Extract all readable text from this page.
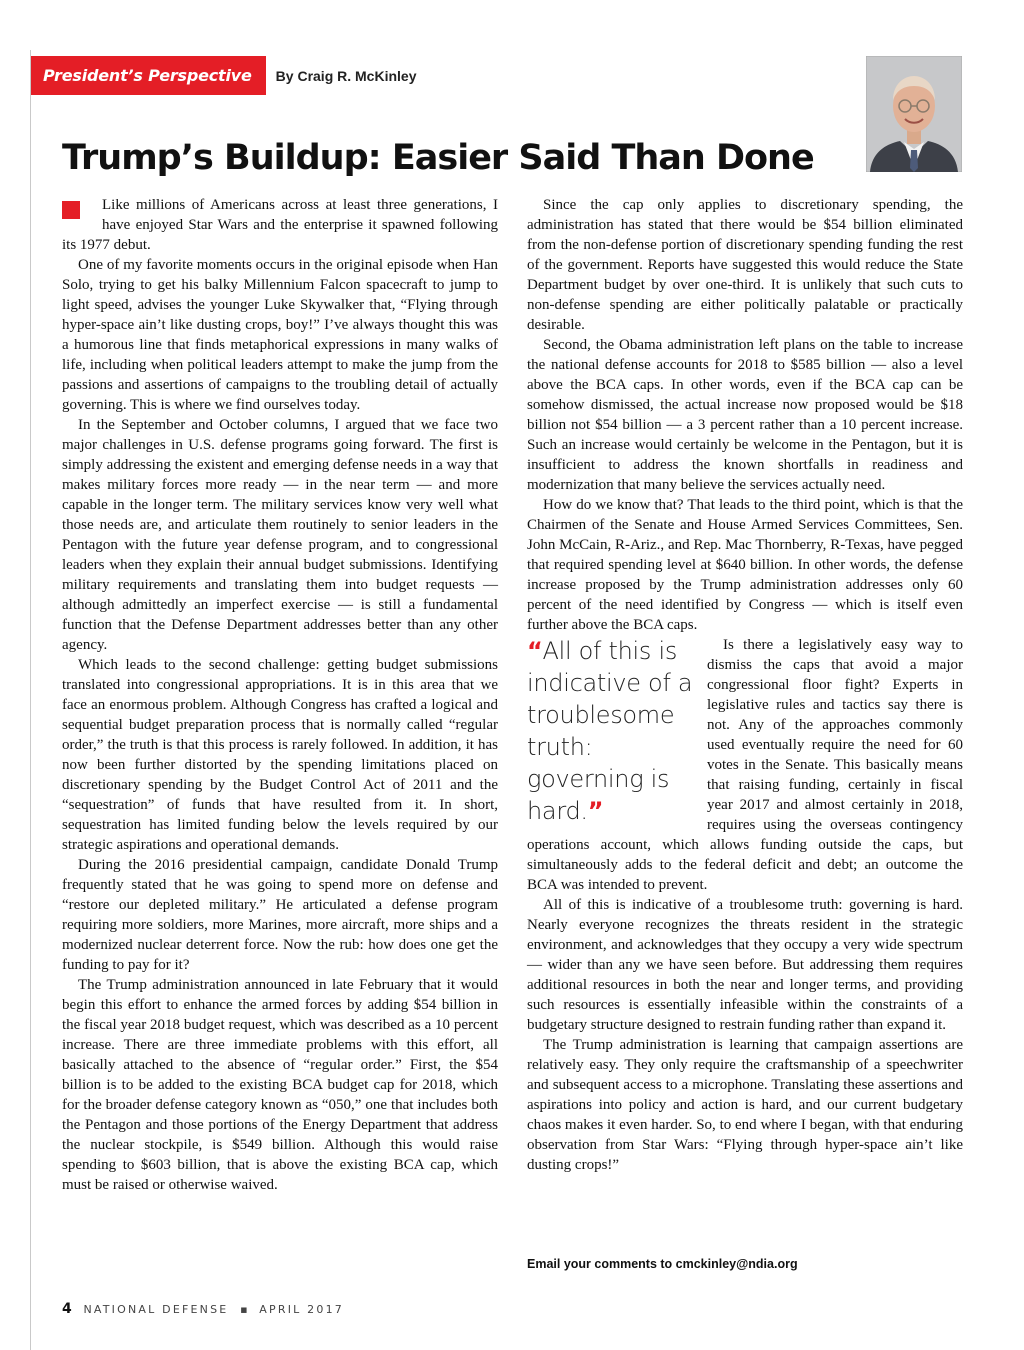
President’s Perspective	By Craig R. McKinley
Trump’s Buildup: Easier Said Than Done

Like millions of Americans across at least three generations, I have enjoyed Star Wars and the enterprise it spawned following its 1977 debut.

One of my favorite moments occurs in the original episode when Han Solo, trying to get his balky Millennium Falcon spacecraft to jump to light speed, advises the younger Luke Skywalker that, “Flying through hyper-space ain’t like dusting crops, boy!” I’ve always thought this was a humorous line that finds metaphorical expressions in many walks of life, including when political leaders attempt to make the jump from the passions and assertions of campaigns to the troubling detail of actually governing. This is where we find ourselves today.

In the September and October columns, I argued that we face two major challenges in U.S. defense programs going forward. The first is simply addressing the existent and emerging defense needs in a way that makes military forces more ready — in the near term — and more capable in the longer term. The military services know very well what those needs are, and articulate them routinely to senior leaders in the Pentagon with the future year defense program, and to congressional leaders when they explain their annual budget submissions. Identifying military requirements and translating them into budget requests — although admittedly an imperfect exercise — is still a fundamental function that the Defense Department addresses better than any other agency.

Which leads to the second challenge: getting budget submissions translated into congressional appropriations. It is in this area that we face an enormous problem. Although Congress has crafted a logical and sequential budget preparation process that is normally called “regular order,” the truth is that this process is rarely followed. In addition, it has now been further distorted by the spending limitations placed on discretionary spending by the Budget Control Act of 2011 and the “sequestration” of funds that have resulted from it. In short, sequestration has limited funding below the levels required by our strategic aspirations and operational demands.

During the 2016 presidential campaign, candidate Donald Trump frequently stated that he was going to spend more on defense and “restore our depleted military.” He articulated a defense program requiring more soldiers, more Marines, more aircraft, more ships and a modernized nuclear deterrent force. Now the rub: how does one get the funding to pay for it?

The Trump administration announced in late February that it would begin this effort to enhance the armed forces by adding $54 billion in the fiscal year 2018 budget request, which was described as a 10 percent increase. There are three immediate problems with this effort, all basically attached to the absence of “regular order.” First, the $54 billion is to be added to the existing BCA budget cap for 2018, which for the broader defense category known as “050,” one that includes both the Pentagon and those portions of the Energy Department that address the nuclear stockpile, is $549 billion. Although this would raise spending to $603 billion, that is above the existing BCA cap, which must be raised or otherwise waived.

Since the cap only applies to discretionary spending, the administration has stated that there would be $54 billion eliminated from the non-defense portion of discretionary spending funding the rest of the government. Reports have suggested this would reduce the State Department budget by over one-third. It is unlikely that such cuts to non-defense spending are either politically palatable or practically desirable.

Second, the Obama administration left plans on the table to increase the national defense accounts for 2018 to $585 billion — also a level above the BCA caps. In other words, even if the BCA cap can be somehow dismissed, the actual increase now proposed would be $18 billion not $54 billion — a 3 percent rather than a 10 percent increase. Such an increase would certainly be welcome in the Pentagon, but it is insufficient to address the known shortfalls in readiness and modernization that many believe the services actually need.

How do we know that? That leads to the third point, which is that the Chairmen of the Senate and House Armed Services Committees, Sen. John McCain, R-Ariz., and Rep. Mac Thornberry, R-Texas, have pegged that required spending level at $640 billion. In other words, the defense increase proposed by the Trump administration addresses only 60 percent of the need identified by Congress — which is itself even further above the BCA caps.

“All of this is indicative of a troublesome truth: governing is hard.”
Is there a legislatively easy way to dismiss the caps that avoid a major congressional floor fight? Experts in legislative rules and tactics say there is not. Any of the approaches commonly used eventually require the need for 60 votes in the Senate. This basically means that raising funding, certainly in fiscal year 2017 and almost certainly in 2018, requires using the overseas contingency operations account, which allows funding outside the caps, but simultaneously adds to the federal deficit and debt; an outcome the BCA was intended to prevent.

All of this is indicative of a troublesome truth: governing is hard. Nearly everyone recognizes the threats resident in the strategic environment, and acknowledges that they occupy a very wide spectrum — wider than any we have seen before. But addressing them requires additional resources in both the near and longer terms, and providing such resources is essentially infeasible within the constraints of a budgetary structure designed to restrain funding rather than expand it.

The Trump administration is learning that campaign assertions are relatively easy. They only require the craftsmanship of a speechwriter and subsequent access to a microphone. Translating these assertions and aspirations into policy and action is hard, and our current budgetary chaos makes it even harder. So, to end where I began, with that enduring observation from Star Wars: “Flying through hyper-space ain’t like dusting crops!”

Email your comments to cmckinley@ndia.org
4 NATIONAL DEFENSE ▪ APRIL 2017
